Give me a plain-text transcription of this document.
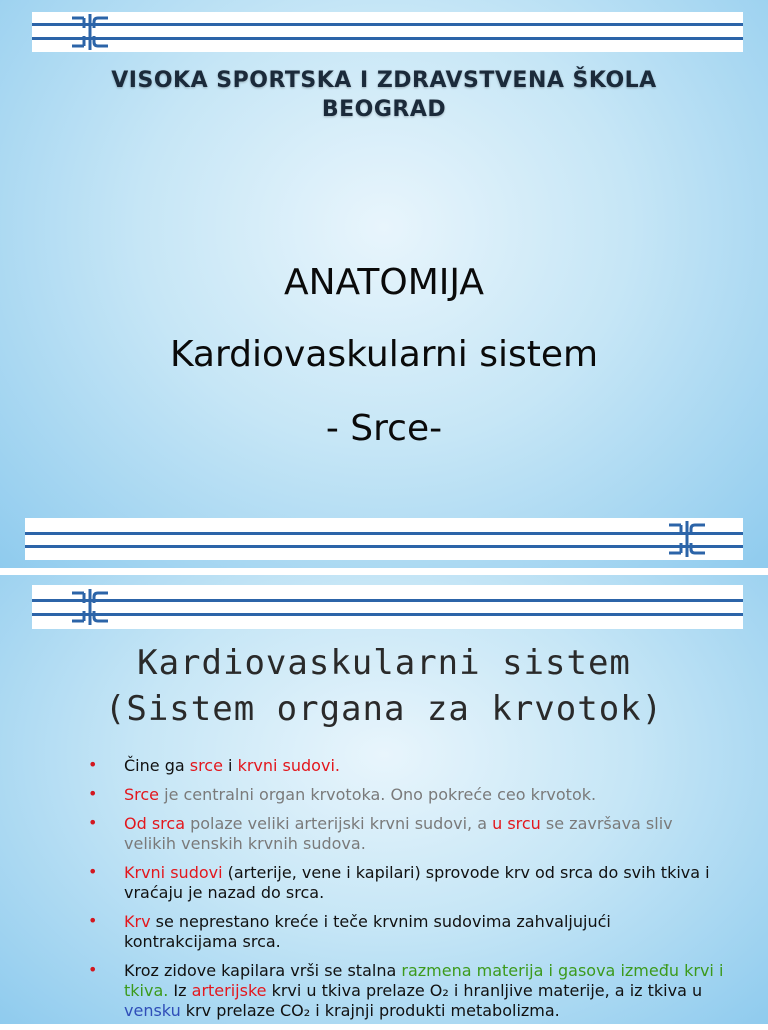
VISOKA SPORTSKA I ZDRAVSTVENA ŠKOLA
BEOGRAD
ANATOMIJA
Kardiovaskularni sistem
- Srce-
Kardiovaskularni sistem
(Sistem organa za krvotok)
• Čine ga srce i krvni sudovi.
• Srce je centralni organ krvotoka. Ono pokreće ceo krvotok.
• Od srca polaze veliki arterijski krvni sudovi, a u srcu se završava sliv velikih venskih krvnih sudova.
• Krvni sudovi (arterije, vene i kapilari) sprovode krv od srca do svih tkiva i vraćaju je nazad do srca.
• Krv se neprestano kreće i teče krvnim sudovima zahvaljujući kontrakcijama srca.
• Kroz zidove kapilara vrši se stalna razmena materija i gasova između krvi i tkiva. Iz arterijske krvi u tkiva prelaze O₂ i hranljive materije, a iz tkiva u vensku krv prelaze CO₂ i krajnji produkti metabolizma.
